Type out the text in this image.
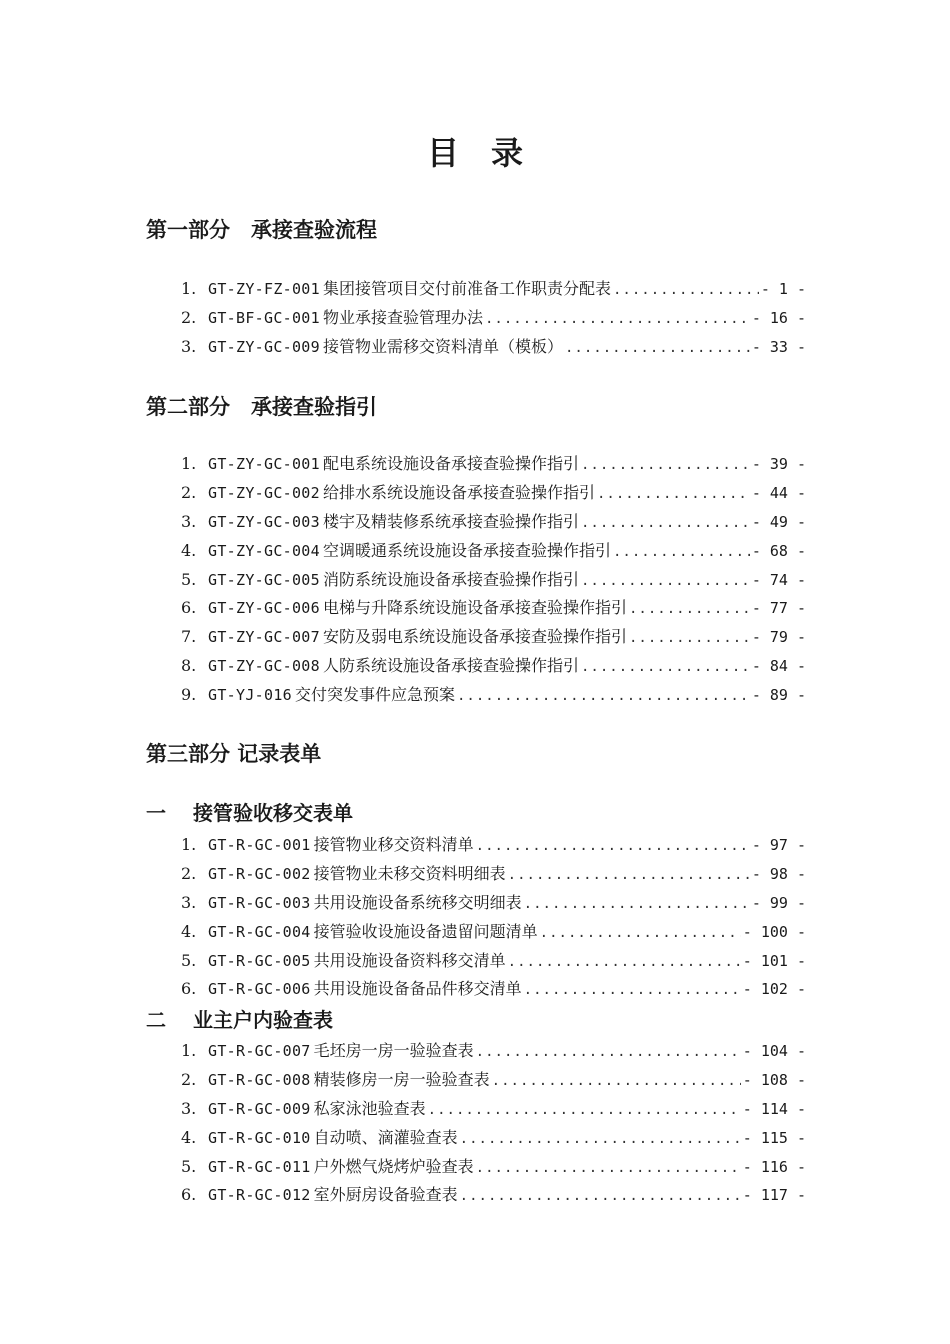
目　录
第一部分　承接查验流程
1. GT-ZY-FZ-001 集团接管项目交付前准备工作职责分配表 .....	- 1 -
2. GT-BF-GC-001 物业承接查验管理办法 .....	- 16 -
3. GT-ZY-GC-009 接管物业需移交资料清单（模板） .....	- 33 -
第二部分　承接查验指引
1. GT-ZY-GC-001 配电系统设施设备承接查验操作指引 .....	- 39 -
2. GT-ZY-GC-002 给排水系统设施设备承接查验操作指引 .....	- 44 -
3. GT-ZY-GC-003 楼宇及精装修系统承接查验操作指引 .....	- 49 -
4. GT-ZY-GC-004 空调暖通系统设施设备承接查验操作指引 .....	- 68 -
5. GT-ZY-GC-005 消防系统设施设备承接查验操作指引 .....	- 74 -
6. GT-ZY-GC-006 电梯与升降系统设施设备承接查验操作指引 .....	- 77 -
7. GT-ZY-GC-007 安防及弱电系统设施设备承接查验操作指引 .....	- 79 -
8. GT-ZY-GC-008 人防系统设施设备承接查验操作指引 .....	- 84 -
9. GT-YJ-016 交付突发事件应急预案 .....	- 89 -
第三部分 记录表单
一　 接管验收移交表单
1. GT-R-GC-001 接管物业移交资料清单 .....	- 97 -
2. GT-R-GC-002 接管物业未移交资料明细表 .....	- 98 -
3. GT-R-GC-003 共用设施设备系统移交明细表 .....	- 99 -
4. GT-R-GC-004 接管验收设施设备遗留问题清单 .....	- 100 -
5. GT-R-GC-005 共用设施设备资料移交清单 .....	- 101 -
6. GT-R-GC-006 共用设施设备备品件移交清单 .....	- 102 -
二　 业主户内验查表
1. GT-R-GC-007 毛坯房一房一验验查表 .....	- 104 -
2. GT-R-GC-008 精装修房一房一验验查表 .....	- 108 -
3. GT-R-GC-009 私家泳池验查表 .....	- 114 -
4. GT-R-GC-010 自动喷、滴灌验查表 .....	- 115 -
5. GT-R-GC-011 户外燃气烧烤炉验查表 .....	- 116 -
6. GT-R-GC-012 室外厨房设备验查表 .....	- 117 -
